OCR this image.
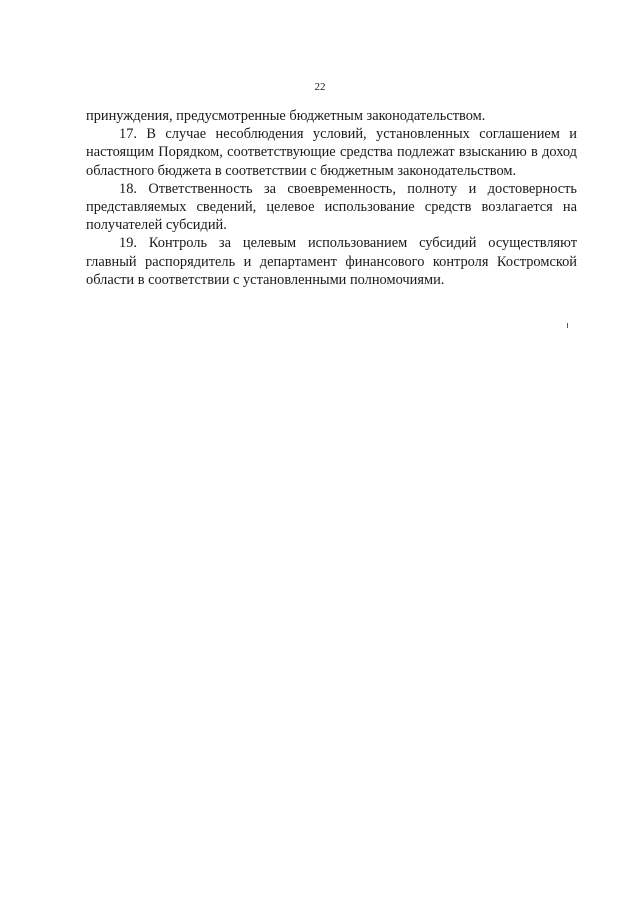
22

принуждения, предусмотренные бюджетным законодательством.

17. В случае несоблюдения условий, установленных соглашением и настоящим Порядком, соответствующие средства подлежат взысканию в доход областного бюджета в соответствии с бюджетным законодательством.

18. Ответственность за своевременность, полноту и достоверность представляемых сведений, целевое использование средств возлагается на получателей субсидий.

19. Контроль за целевым использованием субсидий осуществляют главный распорядитель и департамент финансового контроля Костромской области в соответствии с установленными полномочиями.
